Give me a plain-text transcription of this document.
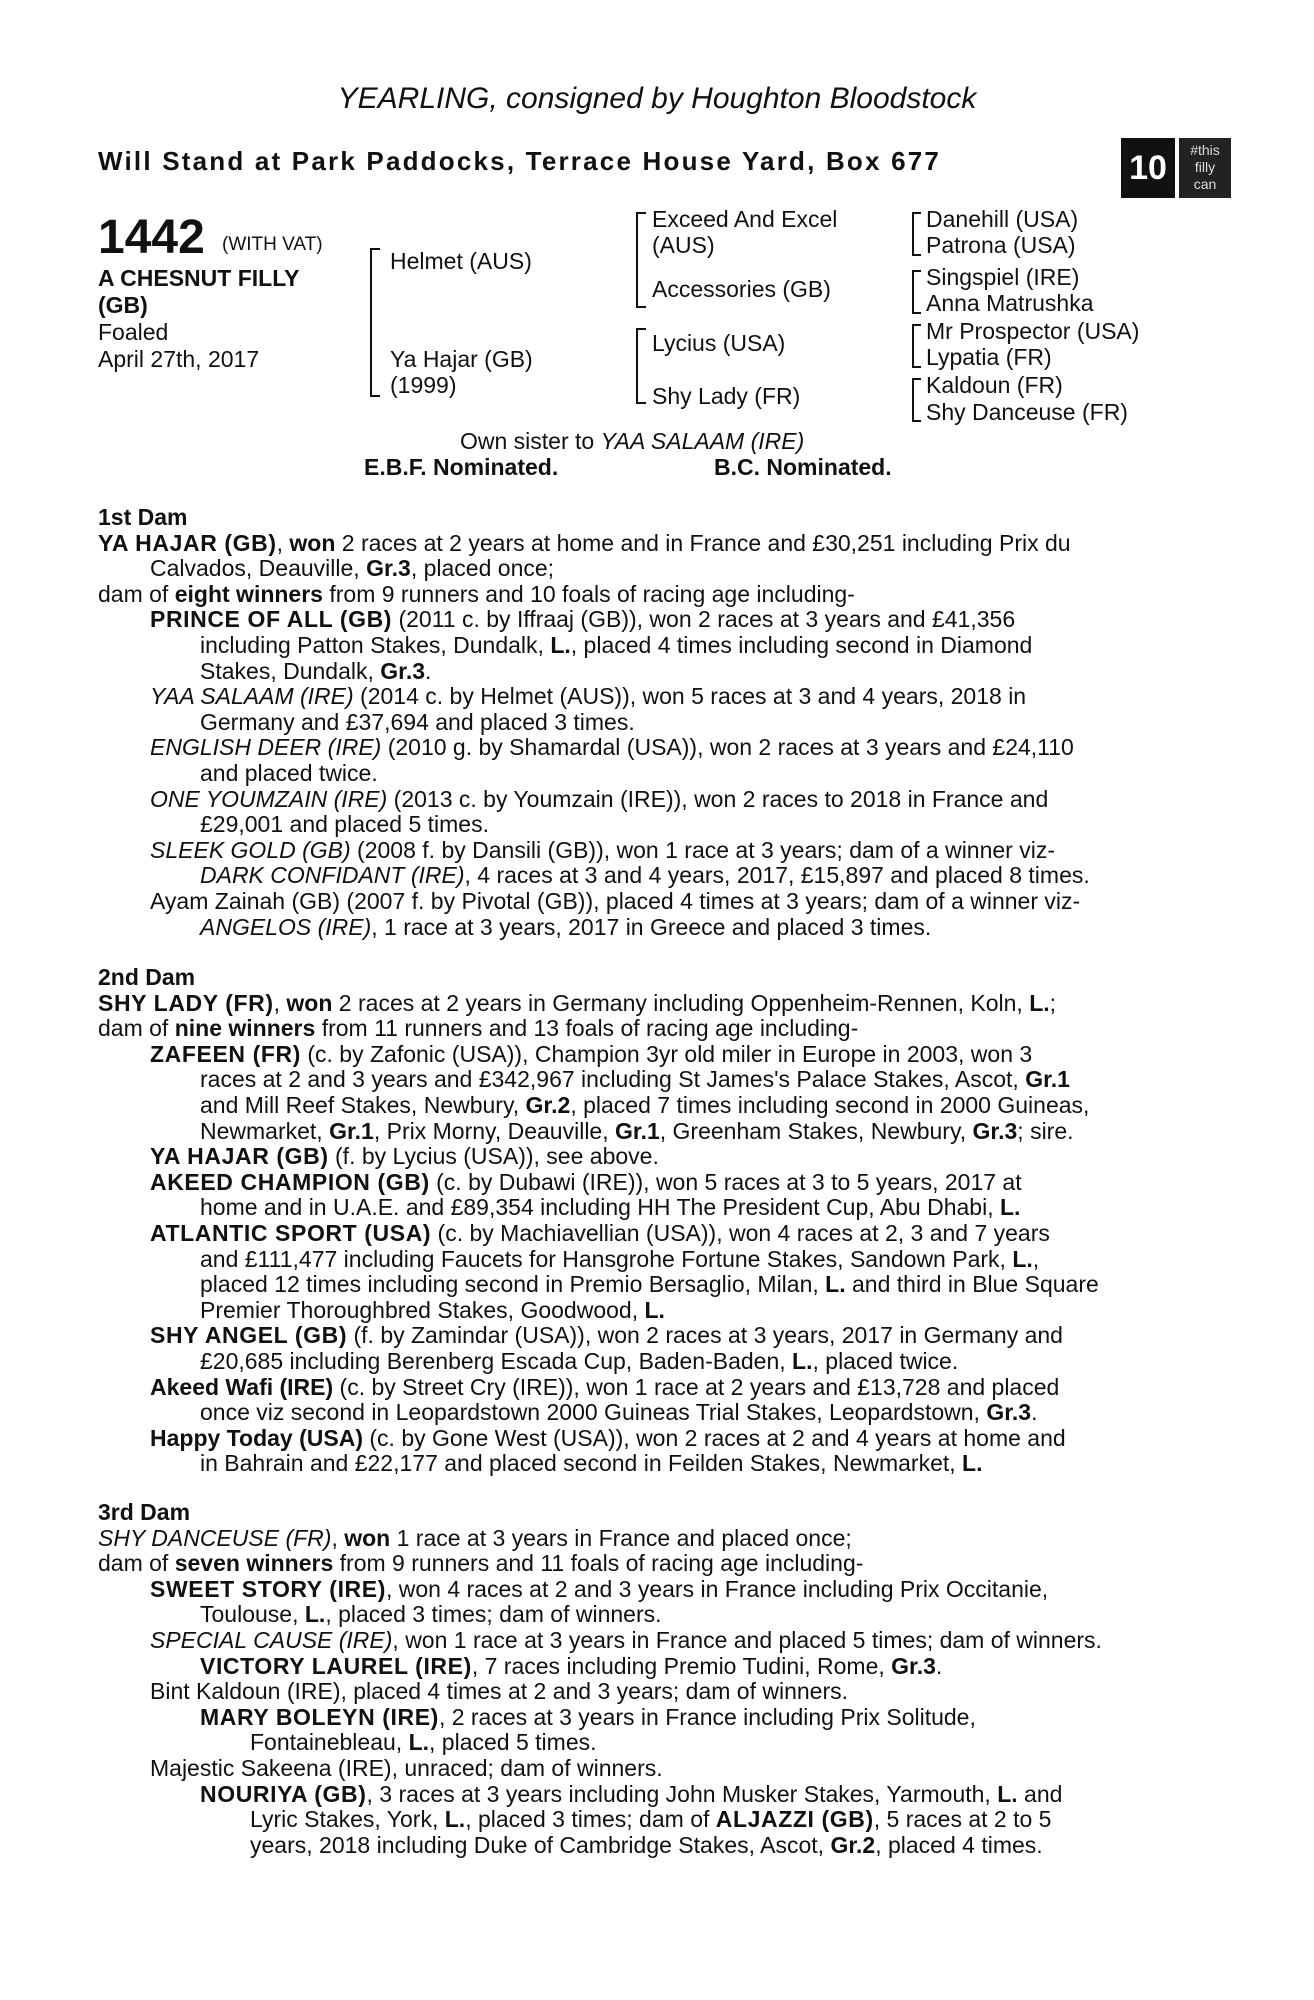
YEARLING, consigned by Houghton Bloodstock
Will Stand at Park Paddocks, Terrace House Yard, Box 677	10	#this
filly
can
1442 (WITH VAT)
A CHESNUT FILLY
(GB)
Foaled
April 27th, 2017
Helmet (AUS)
Ya Hajar (GB)
(1999)
Exceed And Excel
(AUS)
Accessories (GB)
Lycius (USA)
Shy Lady (FR)
Danehill (USA)
Patrona (USA)
Singspiel (IRE)
Anna Matrushka
Mr Prospector (USA)
Lypatia (FR)
Kaldoun (FR)
Shy Danceuse (FR)
Own sister to YAA SALAAM (IRE)
E.B.F. Nominated.	B.C. Nominated.
1st Dam
YA HAJAR (GB), won 2 races at 2 years at home and in France and £30,251 including Prix du
Calvados, Deauville, Gr.3, placed once;
dam of eight winners from 9 runners and 10 foals of racing age including-
PRINCE OF ALL (GB) (2011 c. by Iffraaj (GB)), won 2 races at 3 years and £41,356
including Patton Stakes, Dundalk, L., placed 4 times including second in Diamond
Stakes, Dundalk, Gr.3.
YAA SALAAM (IRE) (2014 c. by Helmet (AUS)), won 5 races at 3 and 4 years, 2018 in
Germany and £37,694 and placed 3 times.
ENGLISH DEER (IRE) (2010 g. by Shamardal (USA)), won 2 races at 3 years and £24,110
and placed twice.
ONE YOUMZAIN (IRE) (2013 c. by Youmzain (IRE)), won 2 races to 2018 in France and
£29,001 and placed 5 times.
SLEEK GOLD (GB) (2008 f. by Dansili (GB)), won 1 race at 3 years; dam of a winner viz-
DARK CONFIDANT (IRE), 4 races at 3 and 4 years, 2017, £15,897 and placed 8 times.
Ayam Zainah (GB) (2007 f. by Pivotal (GB)), placed 4 times at 3 years; dam of a winner viz-
ANGELOS (IRE), 1 race at 3 years, 2017 in Greece and placed 3 times.
2nd Dam
SHY LADY (FR), won 2 races at 2 years in Germany including Oppenheim-Rennen, Koln, L.;
dam of nine winners from 11 runners and 13 foals of racing age including-
ZAFEEN (FR) (c. by Zafonic (USA)), Champion 3yr old miler in Europe in 2003, won 3
races at 2 and 3 years and £342,967 including St James's Palace Stakes, Ascot, Gr.1
and Mill Reef Stakes, Newbury, Gr.2, placed 7 times including second in 2000 Guineas,
Newmarket, Gr.1, Prix Morny, Deauville, Gr.1, Greenham Stakes, Newbury, Gr.3; sire.
YA HAJAR (GB) (f. by Lycius (USA)), see above.
AKEED CHAMPION (GB) (c. by Dubawi (IRE)), won 5 races at 3 to 5 years, 2017 at
home and in U.A.E. and £89,354 including HH The President Cup, Abu Dhabi, L.
ATLANTIC SPORT (USA) (c. by Machiavellian (USA)), won 4 races at 2, 3 and 7 years
and £111,477 including Faucets for Hansgrohe Fortune Stakes, Sandown Park, L.,
placed 12 times including second in Premio Bersaglio, Milan, L. and third in Blue Square
Premier Thoroughbred Stakes, Goodwood, L.
SHY ANGEL (GB) (f. by Zamindar (USA)), won 2 races at 3 years, 2017 in Germany and
£20,685 including Berenberg Escada Cup, Baden-Baden, L., placed twice.
Akeed Wafi (IRE) (c. by Street Cry (IRE)), won 1 race at 2 years and £13,728 and placed
once viz second in Leopardstown 2000 Guineas Trial Stakes, Leopardstown, Gr.3.
Happy Today (USA) (c. by Gone West (USA)), won 2 races at 2 and 4 years at home and
in Bahrain and £22,177 and placed second in Feilden Stakes, Newmarket, L.
3rd Dam
SHY DANCEUSE (FR), won 1 race at 3 years in France and placed once;
dam of seven winners from 9 runners and 11 foals of racing age including-
SWEET STORY (IRE), won 4 races at 2 and 3 years in France including Prix Occitanie,
Toulouse, L., placed 3 times; dam of winners.
SPECIAL CAUSE (IRE), won 1 race at 3 years in France and placed 5 times; dam of winners.
VICTORY LAUREL (IRE), 7 races including Premio Tudini, Rome, Gr.3.
Bint Kaldoun (IRE), placed 4 times at 2 and 3 years; dam of winners.
MARY BOLEYN (IRE), 2 races at 3 years in France including Prix Solitude,
Fontainebleau, L., placed 5 times.
Majestic Sakeena (IRE), unraced; dam of winners.
NOURIYA (GB), 3 races at 3 years including John Musker Stakes, Yarmouth, L. and
Lyric Stakes, York, L., placed 3 times; dam of ALJAZZI (GB), 5 races at 2 to 5
years, 2018 including Duke of Cambridge Stakes, Ascot, Gr.2, placed 4 times.
